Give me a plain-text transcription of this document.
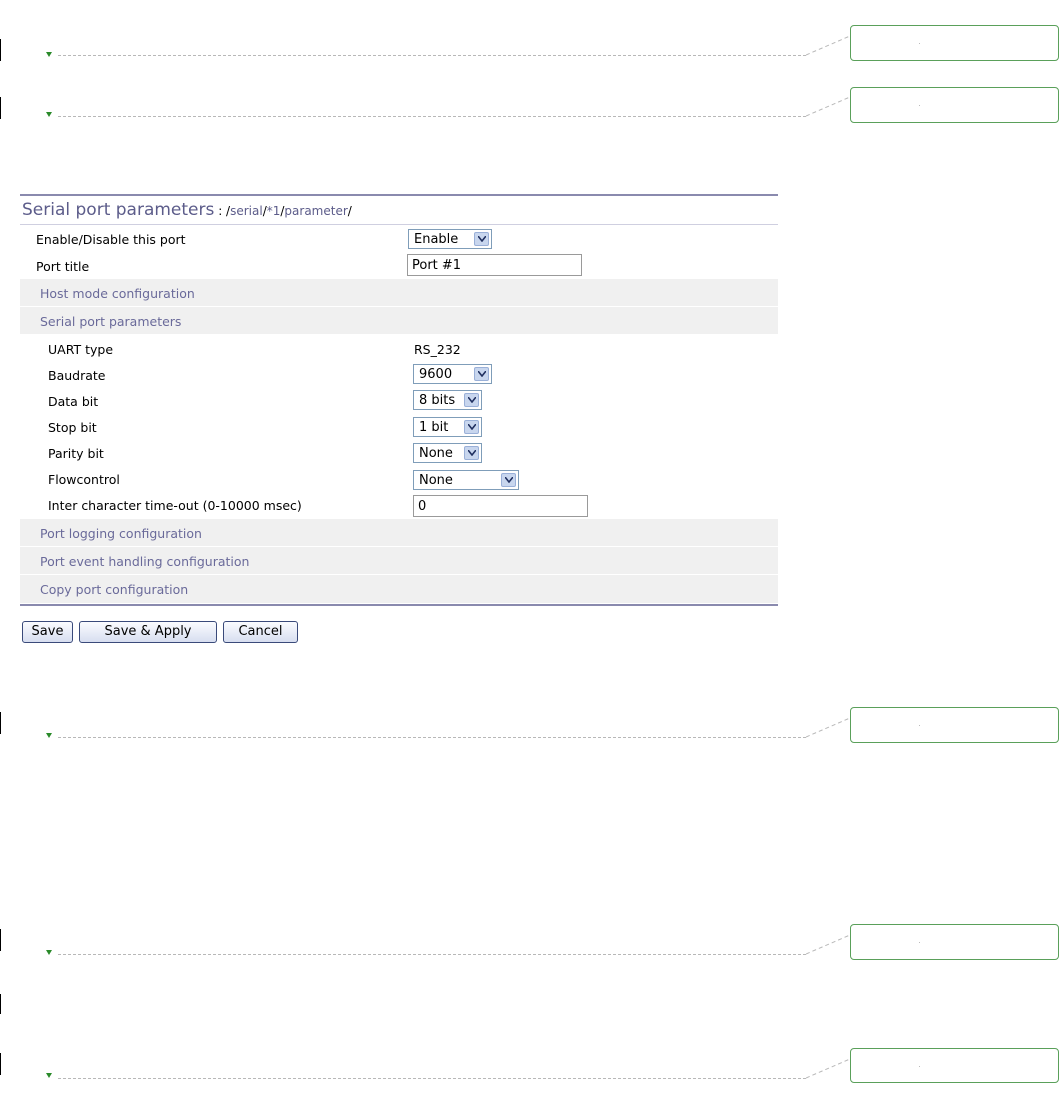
Serial port parameters : /serial/*1/parameter/
Enable/Disable this port	Enable
Port title	Port #1
Host mode configuration
Serial port parameters
UART type	RS_232
Baudrate	9600
Data bit	8 bits
Stop bit	1 bit
Parity bit	None
Flowcontrol	None
Inter character time-out (0-10000 msec)	0
Port logging configuration
Port event handling configuration
Copy port configuration
Save	Save & Apply	Cancel
